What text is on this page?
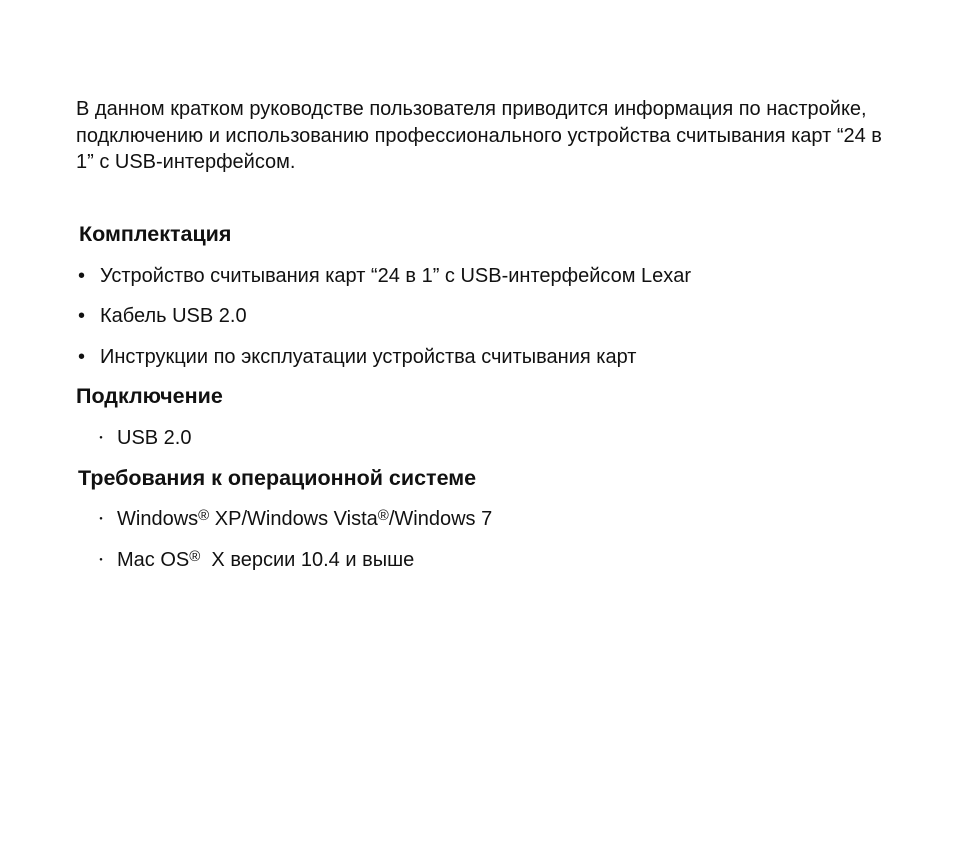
В данном кратком руководстве пользователя приводится информация по настройке, подключению и использованию профессионального устройства считывания карт “24 в 1” с USB-интерфейсом.

Комплектация
• Устройство считывания карт “24 в 1” с USB-интерфейсом Lexar

• Кабель USB 2.0

• Инструкции по эксплуатации устройства считывания карт

Подключение
・ USB 2.0

Требования к операционной системе
・ Windows® XP/Windows Vista®/Windows 7

・ Mac OS®  X версии 10.4 и выше
